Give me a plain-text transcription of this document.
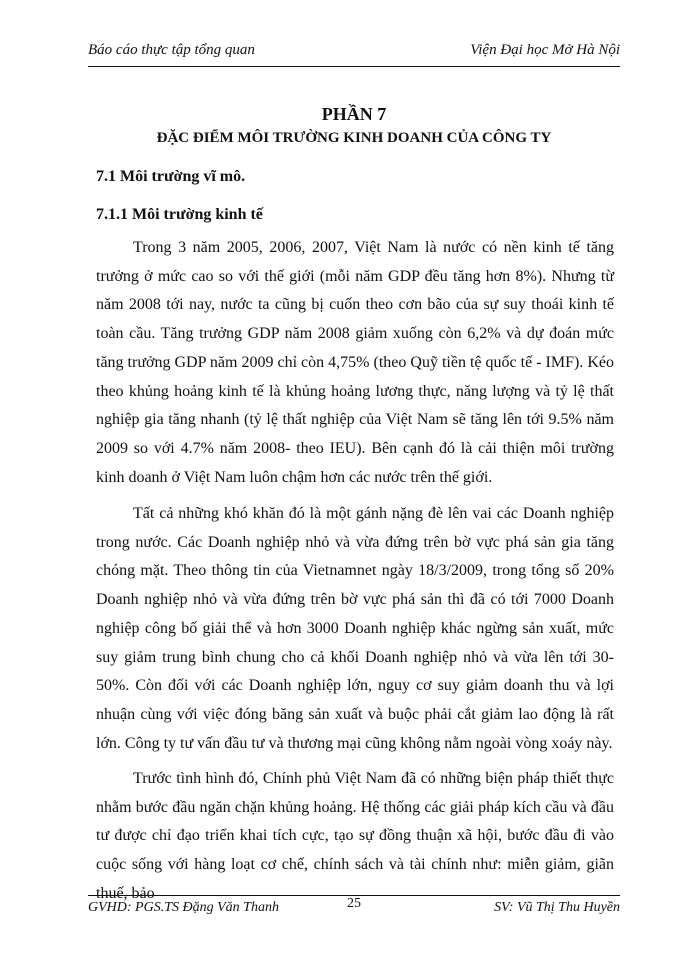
Báo cáo thực tập tổng quan	Viện Đại học Mở Hà Nội
PHẦN 7
ĐẶC ĐIỂM MÔI TRƯỜNG KINH DOANH CỦA CÔNG TY
7.1 Môi trường vĩ mô.
7.1.1 Môi trường kinh tế

Trong 3 năm 2005, 2006, 2007, Việt Nam là nước có nền kinh tế tăng trưởng ở mức cao so với thế giới (mỗi năm GDP đều tăng hơn 8%). Nhưng từ năm 2008 tới nay, nước ta cũng bị cuốn theo cơn bão của sự suy thoái kinh tế toàn cầu. Tăng trưởng GDP năm 2008 giảm xuống còn 6,2% và dự đoán mức tăng trưởng GDP năm 2009 chỉ còn 4,75% (theo Quỹ tiền tệ quốc tế - IMF). Kéo theo khủng hoảng kinh tế là khủng hoảng lương thực, năng lượng và tỷ lệ thất nghiệp gia tăng nhanh (tỷ lệ thất nghiệp của Việt Nam sẽ tăng lên tới 9.5% năm 2009 so với 4.7% năm 2008- theo IEU). Bên cạnh đó là cải thiện môi trường kinh doanh ở Việt Nam luôn chậm hơn các nước trên thế giới.

Tất cả những khó khăn đó là một gánh nặng đè lên vai các Doanh nghiệp trong nước. Các Doanh nghiệp nhỏ và vừa đứng trên bờ vực phá sản gia tăng chóng mặt. Theo thông tin của Vietnamnet ngày 18/3/2009, trong tổng số 20% Doanh nghiệp nhỏ và vừa đứng trên bờ vực phá sản thì đã có tới 7000 Doanh nghiệp công bố giải thể và hơn 3000 Doanh nghiệp khác ngừng sản xuất, mức suy giảm trung bình chung cho cả khối Doanh nghiệp nhỏ và vừa lên tới 30- 50%. Còn đối với các Doanh nghiệp lớn, nguy cơ suy giảm doanh thu và lợi nhuận cùng với việc đóng băng sản xuất và buộc phải cắt giảm lao động là rất lớn. Công ty tư vấn đầu tư và thương mại cũng không nằm ngoài vòng xoáy này.

Trước tình hình đó, Chính phủ Việt Nam đã có những biện pháp thiết thực nhằm bước đầu ngăn chặn khủng hoảng. Hệ thống các giải pháp kích cầu và đầu tư được chỉ đạo triển khai tích cực, tạo sự đồng thuận xã hội, bước đầu đi vào cuộc sống với hàng loạt cơ chế, chính sách và tài chính như: miễn giảm, giãn thuế, bảo

GVHD: PGS.TS Đặng Văn Thanh	25	SV: Vũ Thị Thu Huyền
